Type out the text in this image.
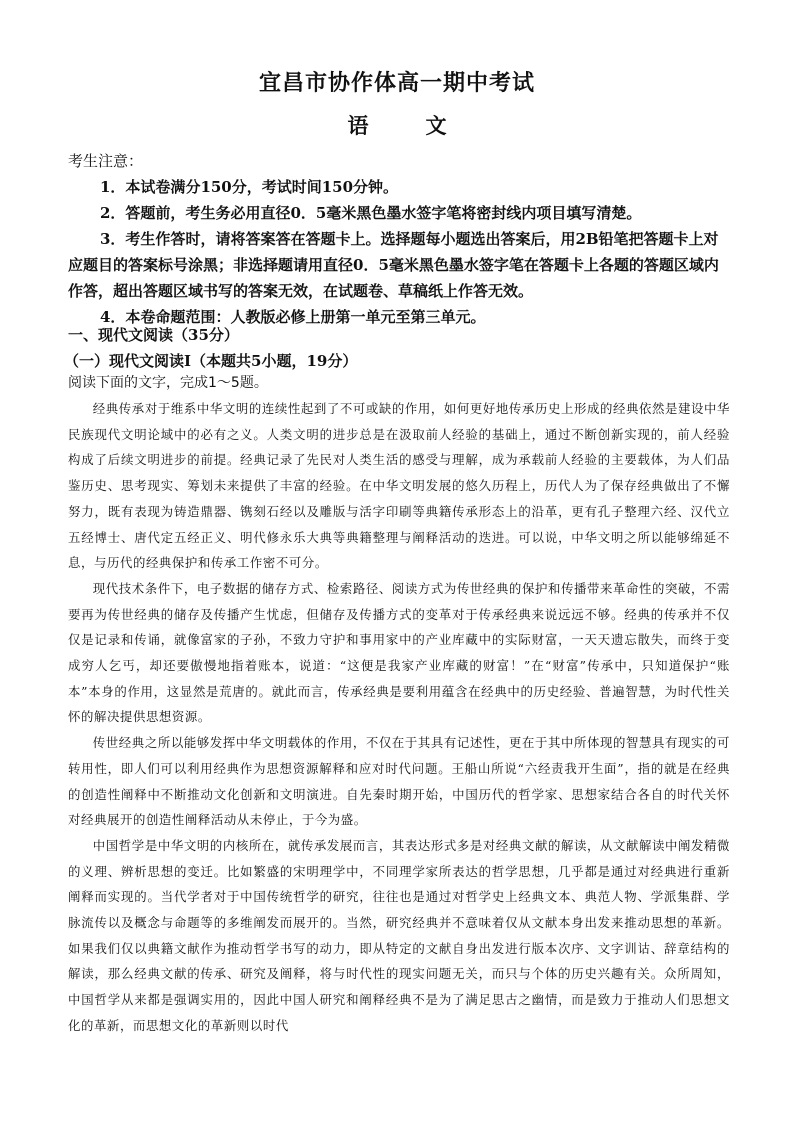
宜昌市协作体高一期中考试
语　文

考生注意：

1．本试卷满分150分，考试时间150分钟。

2．答题前，考生务必用直径0．5毫米黑色墨水签字笔将密封线内项目填写清楚。

3．考生作答时，请将答案答在答题卡上。选择题每小题选出答案后，用2B铅笔把答题卡上对应题目的答案标号涂黑；非选择题请用直径0．5毫米黑色墨水签字笔在答题卡上各题的答题区域内作答，超出答题区域书写的答案无效，在试题卷、草稿纸上作答无效。

4．本卷命题范围：人教版必修上册第一单元至第三单元。

一、现代文阅读（35分）

（一）现代文阅读Ⅰ（本题共5小题，19分）

阅读下面的文字，完成1～5题。

经典传承对于维系中华文明的连续性起到了不可或缺的作用，如何更好地传承历史上形成的经典依然是建设中华民族现代文明论域中的必有之义。人类文明的进步总是在汲取前人经验的基础上，通过不断创新实现的，前人经验构成了后续文明进步的前提。经典记录了先民对人类生活的感受与理解，成为承载前人经验的主要载体，为人们品鉴历史、思考现实、筹划未来提供了丰富的经验。在中华文明发展的悠久历程上，历代人为了保存经典做出了不懈努力，既有表现为铸造鼎器、镌刻石经以及雕版与活字印刷等典籍传承形态上的沿革，更有孔子整理六经、汉代立五经博士、唐代定五经正义、明代修永乐大典等典籍整理与阐释活动的迭进。可以说，中华文明之所以能够绵延不息，与历代的经典保护和传承工作密不可分。

现代技术条件下，电子数据的储存方式、检索路径、阅读方式为传世经典的保护和传播带来革命性的突破，不需要再为传世经典的储存及传播产生忧虑，但储存及传播方式的变革对于传承经典来说远远不够。经典的传承并不仅仅是记录和传诵，就像富家的子孙，不致力守护和事用家中的产业库藏中的实际财富，一天天遗忘散失，而终于变成穷人乞丐，却还要傲慢地指着账本，说道：“这便是我家产业库藏的财富！”在“财富”传承中，只知道保护“账本”本身的作用，这显然是荒唐的。就此而言，传承经典是要利用蕴含在经典中的历史经验、普遍智慧，为时代性关怀的解决提供思想资源。

传世经典之所以能够发挥中华文明载体的作用，不仅在于其具有记述性，更在于其中所体现的智慧具有现实的可转用性，即人们可以利用经典作为思想资源解释和应对时代问题。王船山所说“六经责我开生面”，指的就是在经典的创造性阐释中不断推动文化创新和文明演进。自先秦时期开始，中国历代的哲学家、思想家结合各自的时代关怀对经典展开的创造性阐释活动从未停止，于今为盛。

中国哲学是中华文明的内核所在，就传承发展而言，其表达形式多是对经典文献的解读，从文献解读中阐发精微的义理、辨析思想的变迁。比如繁盛的宋明理学中，不同理学家所表达的哲学思想，几乎都是通过对经典进行重新阐释而实现的。当代学者对于中国传统哲学的研究，往往也是通过对哲学史上经典文本、典范人物、学派集群、学脉流传以及概念与命题等的多维阐发而展开的。当然，研究经典并不意味着仅从文献本身出发来推动思想的革新。如果我们仅以典籍文献作为推动哲学书写的动力，即从特定的文献自身出发进行版本次序、文字训诂、辞章结构的解读，那么经典文献的传承、研究及阐释，将与时代性的现实问题无关，而只与个体的历史兴趣有关。众所周知，中国哲学从来都是强调实用的，因此中国人研究和阐释经典不是为了满足思古之幽情，而是致力于推动人们思想文化的革新，而思想文化的革新则以时代
